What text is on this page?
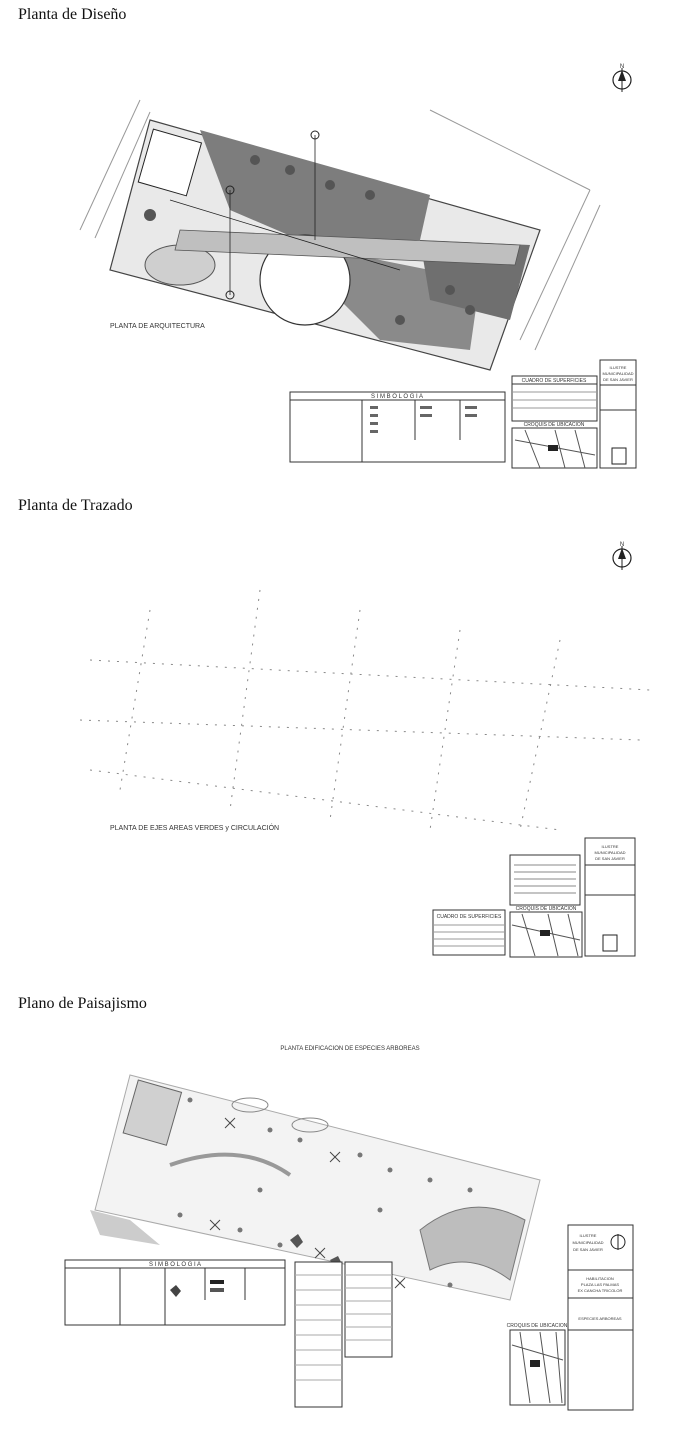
Planta de Diseño
N
PLANTA DE ARQUITECTURA
S I M B O L O G I A
CUADRO DE SUPERFICIES
CROQUIS DE UBICACION
ILUSTRE
MUNICIPALIDAD
DE SAN JAVIER
Planta de Trazado
N
PLANTA DE EJES AREAS VERDES y CIRCULACIÓN
CUADRO DE SUPERFICIES
CROQUIS DE UBICACION
ILUSTRE
MUNICIPALIDAD
DE SAN JAVIER
Plano de Paisajismo
PLANTA EDIFICACION DE ESPECIES ARBOREAS
S I M B O L O G I A
CROQUIS DE UBICACION
ILUSTRE
MUNICIPALIDAD
DE SAN JAVIER
HABILITACION
PLAZA LAS PALMAS
EX CANCHA TRICOLOR
ESPECIES ARBOREAS
